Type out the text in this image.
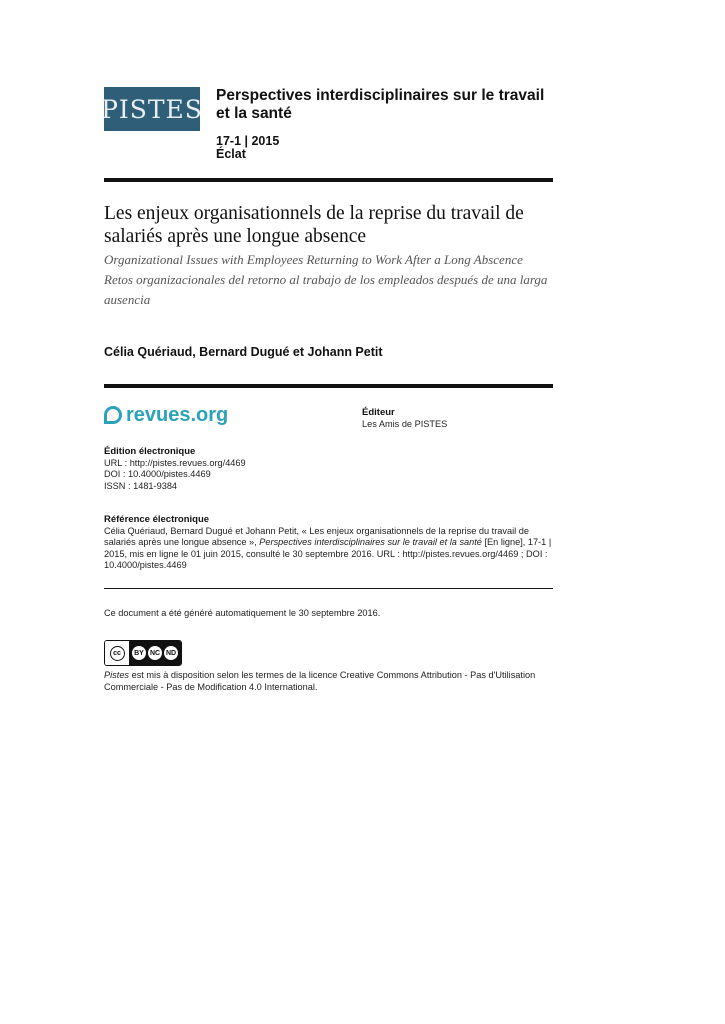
PISTES Perspectives interdisciplinaires sur le travail et la santé
17-1 | 2015
Éclat
Les enjeux organisationnels de la reprise du travail de salariés après une longue absence
Organizational Issues with Employees Returning to Work After a Long Abscence
Retos organizacionales del retorno al trabajo de los empleados después de una larga ausencia
Célia Quériaud, Bernard Dugué et Johann Petit
revues.org	Éditeur
Les Amis de PISTES
Édition électronique
URL : http://pistes.revues.org/4469
DOI : 10.4000/pistes.4469
ISSN : 1481-9384
Référence électronique
Célia Quériaud, Bernard Dugué et Johann Petit, « Les enjeux organisationnels de la reprise du travail de salariés après une longue absence », Perspectives interdisciplinaires sur le travail et la santé [En ligne], 17-1 | 2015, mis en ligne le 01 juin 2015, consulté le 30 septembre 2016. URL : http://pistes.revues.org/4469 ; DOI : 10.4000/pistes.4469
Ce document a été généré automatiquement le 30 septembre 2016.
cc	BY NC ND
Pistes est mis à disposition selon les termes de la licence Creative Commons Attribution - Pas d'Utilisation Commerciale - Pas de Modification 4.0 International.
